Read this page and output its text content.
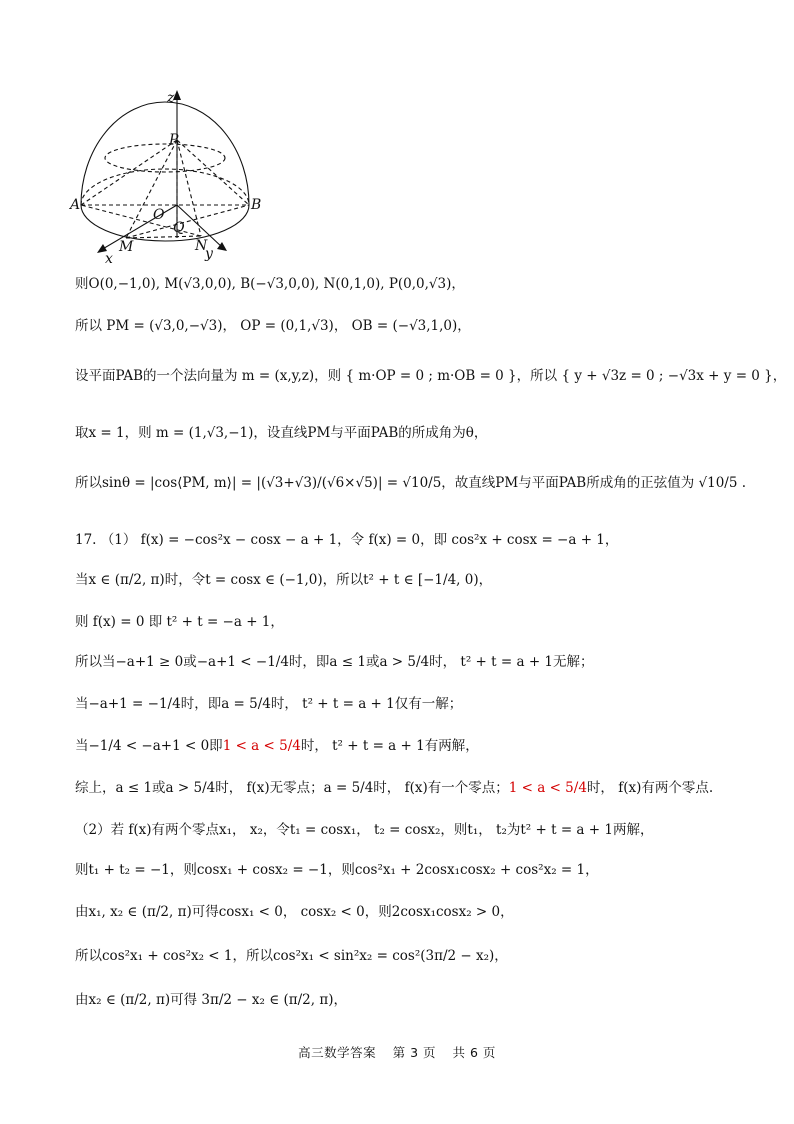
z
P
A	B
O
Q
M	N
x	y
则O(0,−1,0), M(√3,0,0), B(−√3,0,0), N(0,1,0), P(0,0,√3)，
所以 PM = (√3,0,−√3)， OP = (0,1,√3)， OB = (−√3,1,0)，
设平面PAB的一个法向量为 m = (x,y,z)，则 { m·OP = 0 ; m·OB = 0 }，所以 { y + √3z = 0 ; −√3x + y = 0 }，
取x = 1，则 m = (1,√3,−1)，设直线PM与平面PAB的所成角为θ，
所以sinθ = |cos⟨PM, m⟩| = |(√3+√3)/(√6×√5)| = √10/5，故直线PM与平面PAB所成角的正弦值为 √10/5 .
17. （1） f(x) = −cos²x − cosx − a + 1，令 f(x) = 0，即 cos²x + cosx = −a + 1，
当x ∈ (π/2, π)时，令t = cosx ∈ (−1,0)，所以t² + t ∈ [−1/4, 0)，
则 f(x) = 0 即 t² + t = −a + 1，
所以当−a+1 ≥ 0或−a+1 < −1/4时，即a ≤ 1或a > 5/4时， t² + t = a + 1无解；
当−a+1 = −1/4时，即a = 5/4时， t² + t = a + 1仅有一解；
当−1/4 < −a+1 < 0即1 < a < 5/4时， t² + t = a + 1有两解，
综上，a ≤ 1或a > 5/4时， f(x)无零点；a = 5/4时， f(x)有一个零点；1 < a < 5/4时， f(x)有两个零点.
（2）若 f(x)有两个零点x₁， x₂，令t₁ = cosx₁， t₂ = cosx₂，则t₁， t₂为t² + t = a + 1两解，
则t₁ + t₂ = −1，则cosx₁ + cosx₂ = −1，则cos²x₁ + 2cosx₁cosx₂ + cos²x₂ = 1，
由x₁, x₂ ∈ (π/2, π)可得cosx₁ < 0， cosx₂ < 0，则2cosx₁cosx₂ > 0，
所以cos²x₁ + cos²x₂ < 1，所以cos²x₁ < sin²x₂ = cos²(3π/2 − x₂)，
由x₂ ∈ (π/2, π)可得 3π/2 − x₂ ∈ (π/2, π)，
高三数学答案 第 3 页 共 6 页
